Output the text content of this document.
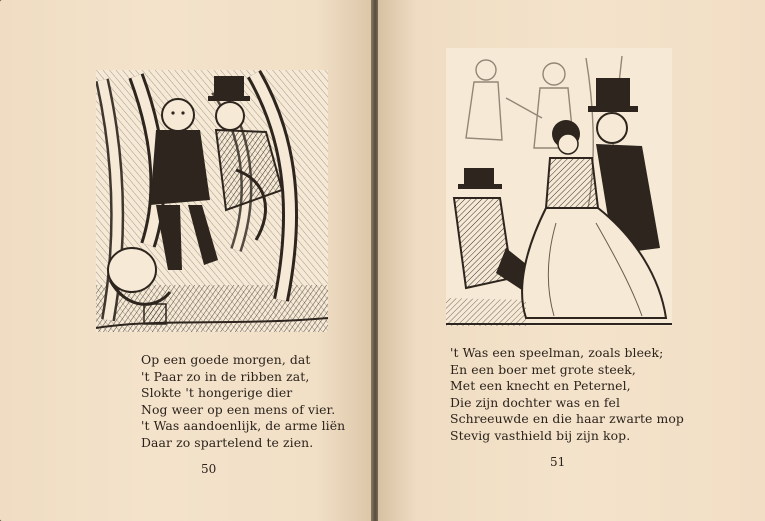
Op een goede morgen, dat
't Paar zo in de ribben zat,
Slokte 't hongerige dier
Nog weer op een mens of vier.
't Was aandoenlijk, de arme liën
Daar zo spartelend te zien.
50
't Was een speelman, zoals bleek;
En een boer met grote steek,
Met een knecht en Peternel,
Die zijn dochter was en fel
Schreeuwde en die haar zwarte mop
Stevig vasthield bij zijn kop.
51
